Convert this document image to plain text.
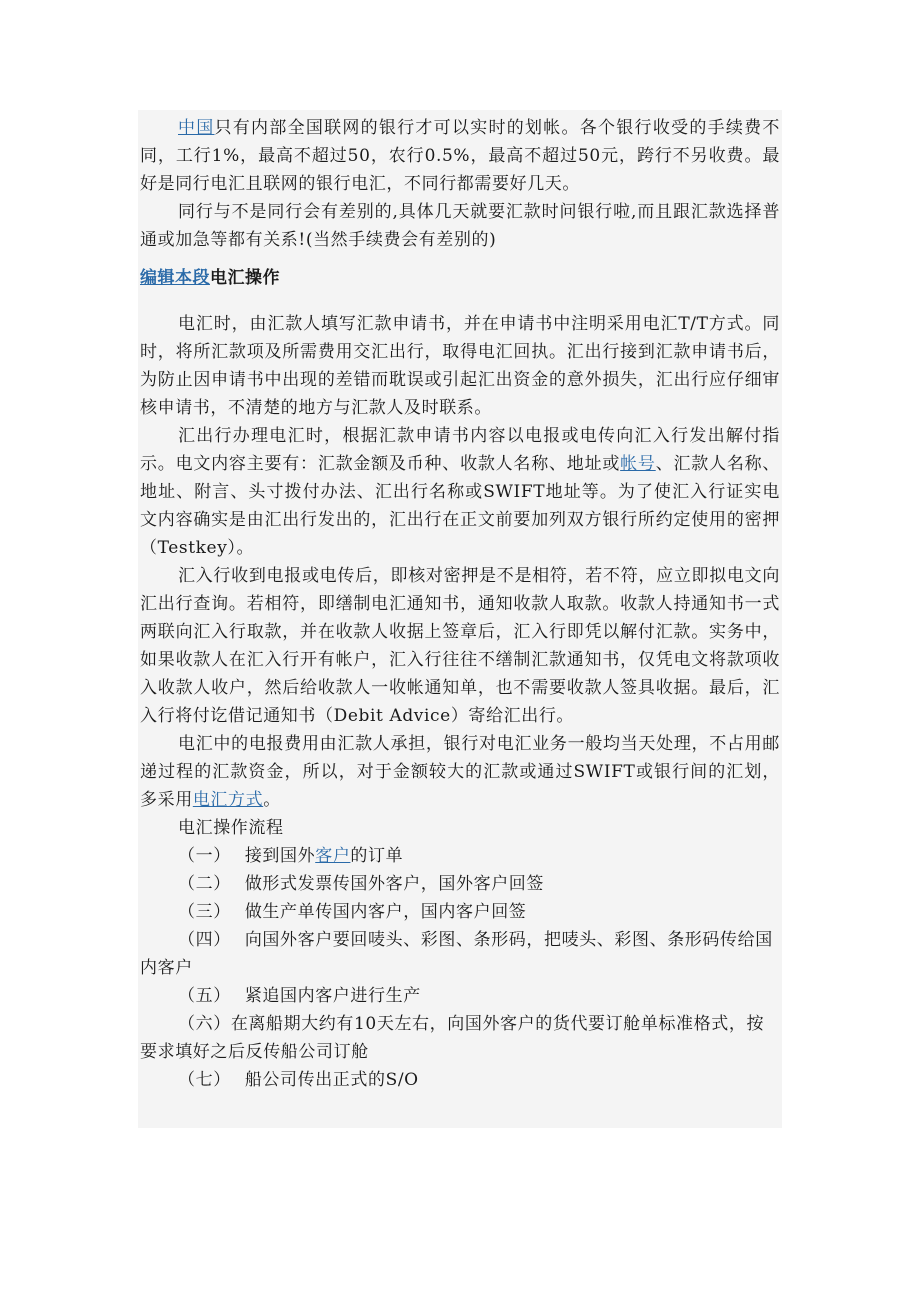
中国只有内部全国联网的银行才可以实时的划帐。各个银行收受的手续费不同，工行1%，最高不超过50，农行0.5%，最高不超过50元，跨行不另收费。最好是同行电汇且联网的银行电汇，不同行都需要好几天。

同行与不是同行会有差别的,具体几天就要汇款时问银行啦,而且跟汇款选择普通或加急等都有关系!(当然手续费会有差别的)

编辑本段电汇操作

电汇时，由汇款人填写汇款申请书，并在申请书中注明采用电汇T/T方式。同时，将所汇款项及所需费用交汇出行，取得电汇回执。汇出行接到汇款申请书后，为防止因申请书中出现的差错而耽误或引起汇出资金的意外损失，汇出行应仔细审核申请书，不清楚的地方与汇款人及时联系。

汇出行办理电汇时，根据汇款申请书内容以电报或电传向汇入行发出解付指示。电文内容主要有：汇款金额及币种、收款人名称、地址或帐号、汇款人名称、地址、附言、头寸拨付办法、汇出行名称或SWIFT地址等。为了使汇入行证实电文内容确实是由汇出行发出的，汇出行在正文前要加列双方银行所约定使用的密押（Testkey）。

汇入行收到电报或电传后，即核对密押是不是相符，若不符，应立即拟电文向汇出行查询。若相符，即缮制电汇通知书，通知收款人取款。收款人持通知书一式两联向汇入行取款，并在收款人收据上签章后，汇入行即凭以解付汇款。实务中，如果收款人在汇入行开有帐户，汇入行往往不缮制汇款通知书，仅凭电文将款项收入收款人收户，然后给收款人一收帐通知单，也不需要收款人签具收据。最后，汇入行将付讫借记通知书（Debit Advice）寄给汇出行。

电汇中的电报费用由汇款人承担，银行对电汇业务一般均当天处理，不占用邮递过程的汇款资金，所以，对于金额较大的汇款或通过SWIFT或银行间的汇划，多采用电汇方式。

电汇操作流程

（一） 接到国外客户的订单

（二） 做形式发票传国外客户，国外客户回签

（三） 做生产单传国内客户，国内客户回签

（四） 向国外客户要回唛头、彩图、条形码，把唛头、彩图、条形码传给国内客户

（五） 紧追国内客户进行生产

（六）在离船期大约有10天左右，向国外客户的货代要订舱单标准格式，按要求填好之后反传船公司订舱

（七） 船公司传出正式的S/O
